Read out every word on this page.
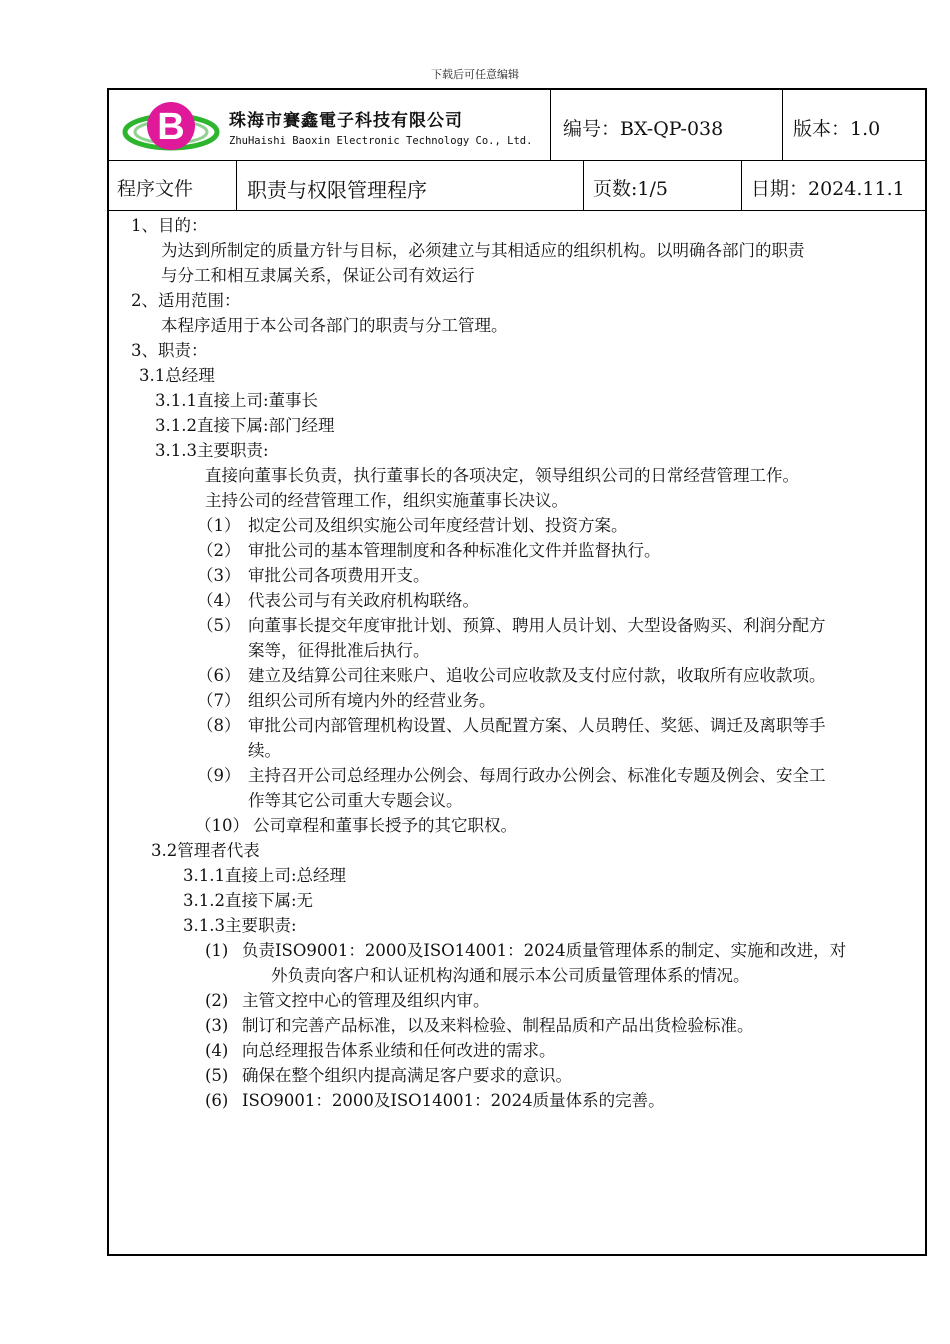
下载后可任意编辑
B	珠海市賽鑫電子科技有限公司
ZhuHaishi Baoxin Electronic Technology Co., Ltd.
编号：BX-QP-038	版本：1.0
程序文件	职责与权限管理程序	页数:1/5	日期：2024.11.1
1、目的：
为达到所制定的质量方针与目标，必须建立与其相适应的组织机构。以明确各部门的职责
与分工和相互隶属关系，保证公司有效运行
2、适用范围：
本程序适用于本公司各部门的职责与分工管理。
3、职责：
3.1总经理
3.1.1直接上司:董事长
3.1.2直接下属:部门经理
3.1.3主要职责:
直接向董事长负责，执行董事长的各项决定，领导组织公司的日常经营管理工作。
主持公司的经营管理工作，组织实施董事长决议。
（1） 拟定公司及组织实施公司年度经营计划、投资方案。
（2） 审批公司的基本管理制度和各种标准化文件并监督执行。
（3） 审批公司各项费用开支。
（4） 代表公司与有关政府机构联络。
（5） 向董事长提交年度审批计划、预算、聘用人员计划、大型设备购买、利润分配方
案等，征得批准后执行。
（6） 建立及结算公司往来账户、追收公司应收款及支付应付款，收取所有应收款项。
（7） 组织公司所有境内外的经营业务。
（8） 审批公司内部管理机构设置、人员配置方案、人员聘任、奖惩、调迁及离职等手
续。
（9） 主持召开公司总经理办公例会、每周行政办公例会、标准化专题及例会、安全工
作等其它公司重大专题会议。
（10） 公司章程和董事长授予的其它职权。
3.2管理者代表
3.1.1直接上司:总经理
3.1.2直接下属:无
3.1.3主要职责:
(1) 负责ISO9001：2000及ISO14001：2024质量管理体系的制定、实施和改进，对
外负责向客户和认证机构沟通和展示本公司质量管理体系的情况。
(2) 主管文控中心的管理及组织内审。
(3) 制订和完善产品标准，以及来料检验、制程品质和产品出货检验标准。
(4) 向总经理报告体系业绩和任何改进的需求。
(5) 确保在整个组织内提高满足客户要求的意识。
(6) ISO9001：2000及ISO14001：2024质量体系的完善。
